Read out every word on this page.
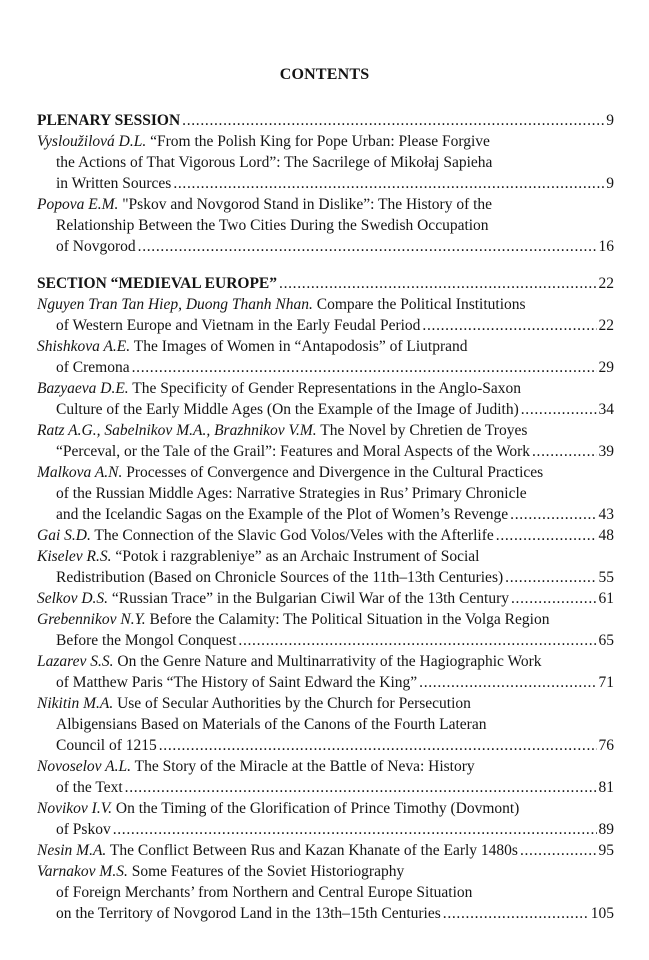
CONTENTS
PLENARY SESSION . . .	9
Vysloužilová D.L. “From the Polish King for Pope Urban: Please Forgive
the Actions of That Vigorous Lord”: The Sacrilege of Mikołaj Sapieha
in Written Sources . . .	9
Popova E.M. "Pskov and Novgorod Stand in Dislike”: The History of the
Relationship Between the Two Cities During the Swedish Occupation
of Novgorod . . .	16
SECTION “MEDIEVAL EUROPE” . . .	22
Nguyen Tran Tan Hiep, Duong Thanh Nhan. Compare the Political Institutions
of Western Europe and Vietnam in the Early Feudal Period . . .	22
Shishkova A.E. The Images of Women in “Antapodosis” of Liutprand
of Cremona . . .	29
Bazyaeva D.E. The Specificity of Gender Representations in the Anglo-Saxon
Culture of the Early Middle Ages (On the Example of the Image of Judith) . . .	34
Ratz A.G., Sabelnikov M.A., Brazhnikov V.M. The Novel by Chretien de Troyes
“Perceval, or the Tale of the Grail”: Features and Moral Aspects of the Work . . .	39
Malkova A.N. Processes of Convergence and Divergence in the Cultural Practices
of the Russian Middle Ages: Narrative Strategies in Rus’ Primary Chronicle
and the Icelandic Sagas on the Example of the Plot of Women’s Revenge . . .	43
Gai S.D. The Connection of the Slavic God Volos/Veles with the Afterlife . . .	48
Kiselev R.S. “Potok i razgrableniye” as an Archaic Instrument of Social
Redistribution (Based on Chronicle Sources of the 11th–13th Centuries) . . .	55
Selkov D.S. “Russian Trace” in the Bulgarian Ciwil War of the 13th Century . . .	61
Grebennikov N.Y. Before the Calamity: The Political Situation in the Volga Region
Before the Mongol Conquest . . .	65
Lazarev S.S. On the Genre Nature and Multinarrativity of the Hagiographic Work
of Matthew Paris “The History of Saint Edward the King” . . .	71
Nikitin M.A. Use of Secular Authorities by the Church for Persecution
Albigensians Based on Materials of the Canons of the Fourth Lateran
Council of 1215 . . .	76
Novoselov A.L. The Story of the Miracle at the Battle of Neva: History
of the Text . . .	81
Novikov I.V. On the Timing of the Glorification of Prince Timothy (Dovmont)
of Pskov . . .	89
Nesin M.A. The Conflict Between Rus and Kazan Khanate of the Early 1480s . . .	95
Varnakov M.S. Some Features of the Soviet Historiography
of Foreign Merchants’ from Northern and Central Europe Situation
on the Territory of Novgorod Land in the 13th–15th Centuries . . .	105
